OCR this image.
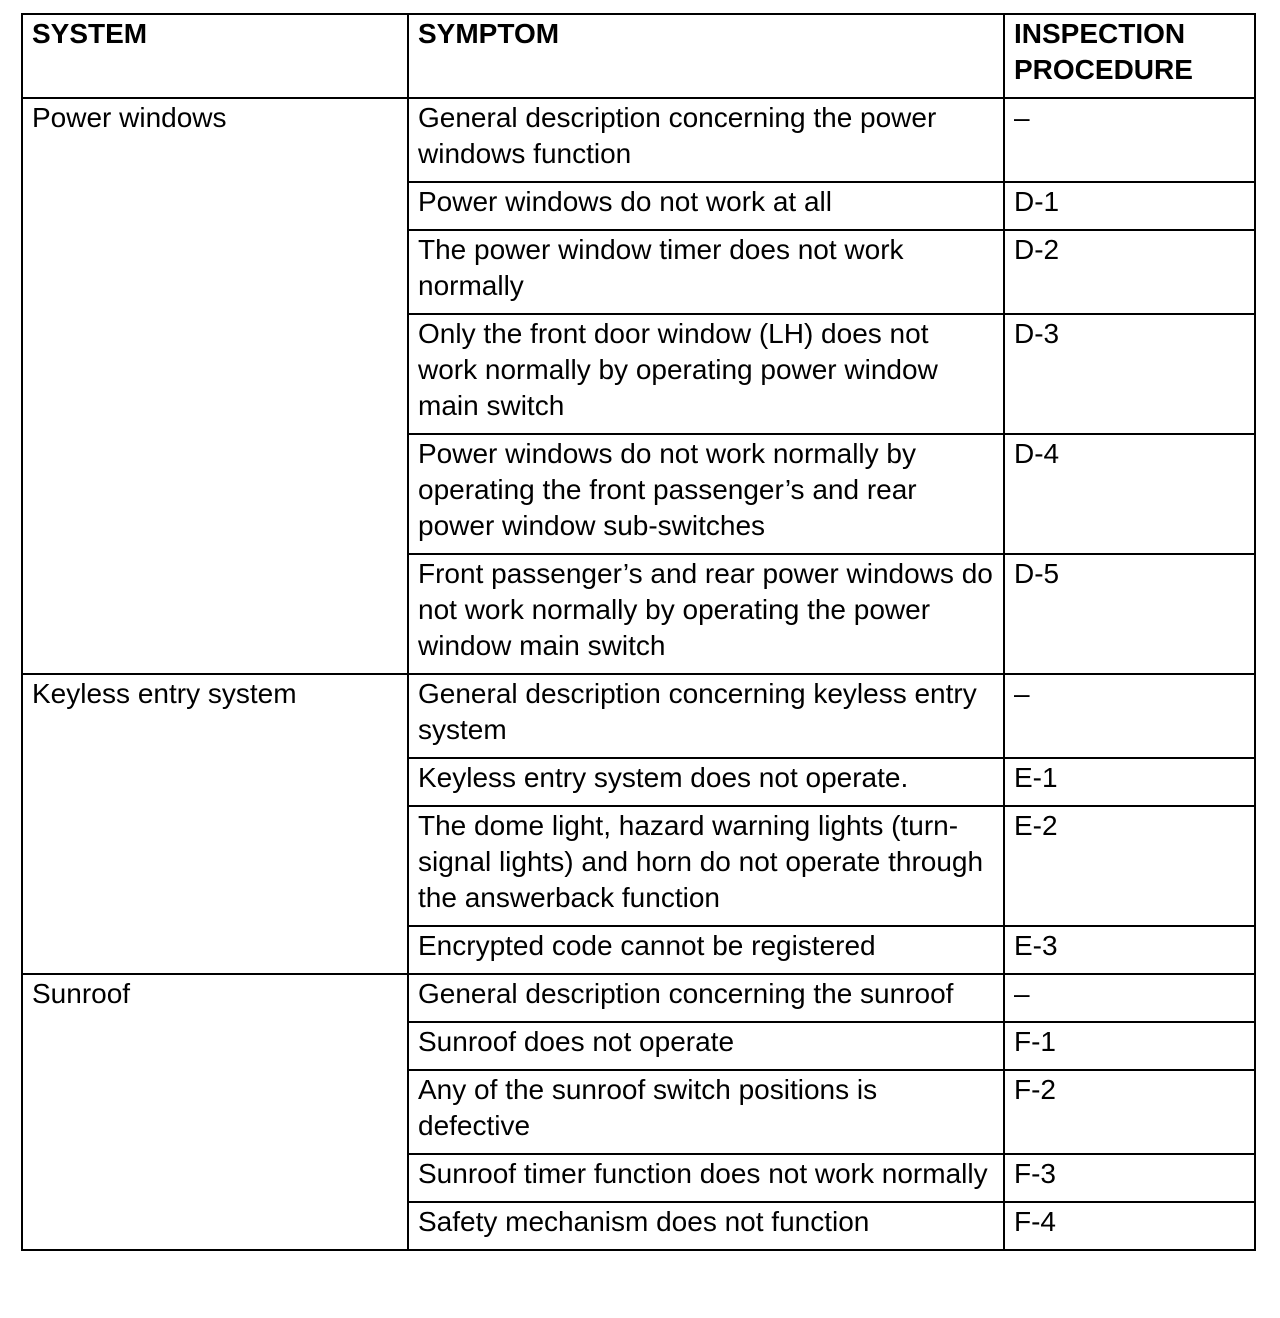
SYSTEM	SYMPTOM	INSPECTION
PROCEDURE
Power windows	General description concerning the power windows function	–
	Power windows do not work at all	D-1
	The power window timer does not work normally	D-2
	Only the front door window (LH) does not work normally by operating power window main switch	D-3
	Power windows do not work normally by operating the front passenger’s and rear power window sub-switches	D-4
	Front passenger’s and rear power windows do not work normally by operating the power window main switch	D-5
Keyless entry system	General description concerning keyless entry system	–
	Keyless entry system does not operate.	E-1
	The dome light, hazard warning lights (turn-signal lights) and horn do not operate through the answerback function	E-2
	Encrypted code cannot be registered	E-3
Sunroof	General description concerning the sunroof	–
	Sunroof does not operate	F-1
	Any of the sunroof switch positions is defective	F-2
	Sunroof timer function does not work normally	F-3
	Safety mechanism does not function	F-4
